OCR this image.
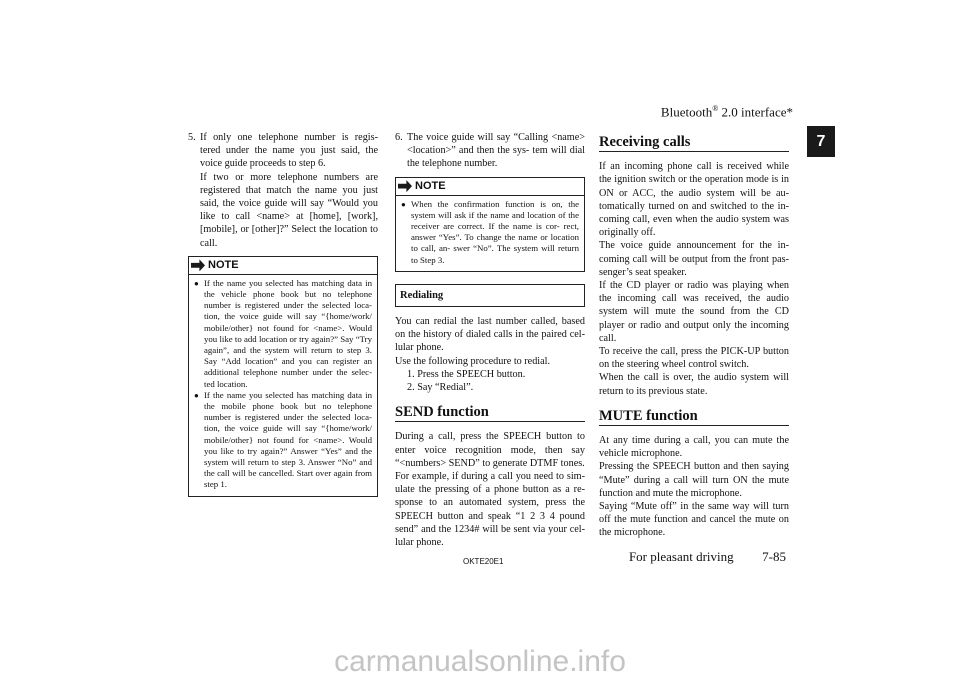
Bluetooth® 2.0 interface*
7
5. If only one telephone number is regis- tered under the name you just said, the voice guide proceeds to step 6.

If two or more telephone numbers are registered that match the name you just said, the voice guide will say “Would you like to call <name> at [home], [work], [mobile], or [other]?” Select the location to call.

NOTE
● If the name you selected has matching data in the vehicle phone book but no telephone number is registered under the selected loca- tion, the voice guide will say “{home/work/ mobile/other} not found for <name>. Would you like to add location or try again?” Say “Try again”, and the system will return to step 3. Say “Add location” and you can register an additional telephone number under the selec- ted location.
● If the name you selected has matching data in the mobile phone book but no telephone number is registered under the selected loca- tion, the voice guide will say “{home/work/ mobile/other} not found for <name>. Would you like to try again?” Answer “Yes” and the system will return to step 3. Answer “No” and the call will be cancelled. Start over again from step 1.
6. The voice guide will say “Calling <name> <location>” and then the sys- tem will dial the telephone number.
NOTE
● When the confirmation function is on, the system will ask if the name and location of the receiver are correct. If the name is cor- rect, answer “Yes”. To change the name or location to call, an- swer “No”. The system will return to Step 3.
Redialing

You can redial the last number called, based on the history of dialed calls in the paired cel- lular phone.

Use the following procedure to redial.

1. Press the SPEECH button.

2. Say “Redial”.

SEND function

During a call, press the SPEECH button to enter voice recognition mode, then say “<numbers> SEND” to generate DTMF tones.

For example, if during a call you need to sim- ulate the pressing of a phone button as a re- sponse to an automated system, press the SPEECH button and speak “1 2 3 4 pound send” and the 1234# will be sent via your cel- lular phone.

Receiving calls

If an incoming phone call is received while the ignition switch or the operation mode is in ON or ACC, the audio system will be au- tomatically turned on and switched to the in- coming call, even when the audio system was originally off.

The voice guide announcement for the in- coming call will be output from the front pas- senger’s seat speaker.

If the CD player or radio was playing when the incoming call was received, the audio system will mute the sound from the CD player or radio and output only the incoming call.

To receive the call, press the PICK-UP button on the steering wheel control switch.

When the call is over, the audio system will return to its previous state.

MUTE function

At any time during a call, you can mute the vehicle microphone.

Pressing the SPEECH button and then saying “Mute” during a call will turn ON the mute function and mute the microphone.

Saying “Mute off” in the same way will turn off the mute function and cancel the mute on the microphone.

OKTE20E1	For pleasant driving 7-85
carmanualsonline.info
